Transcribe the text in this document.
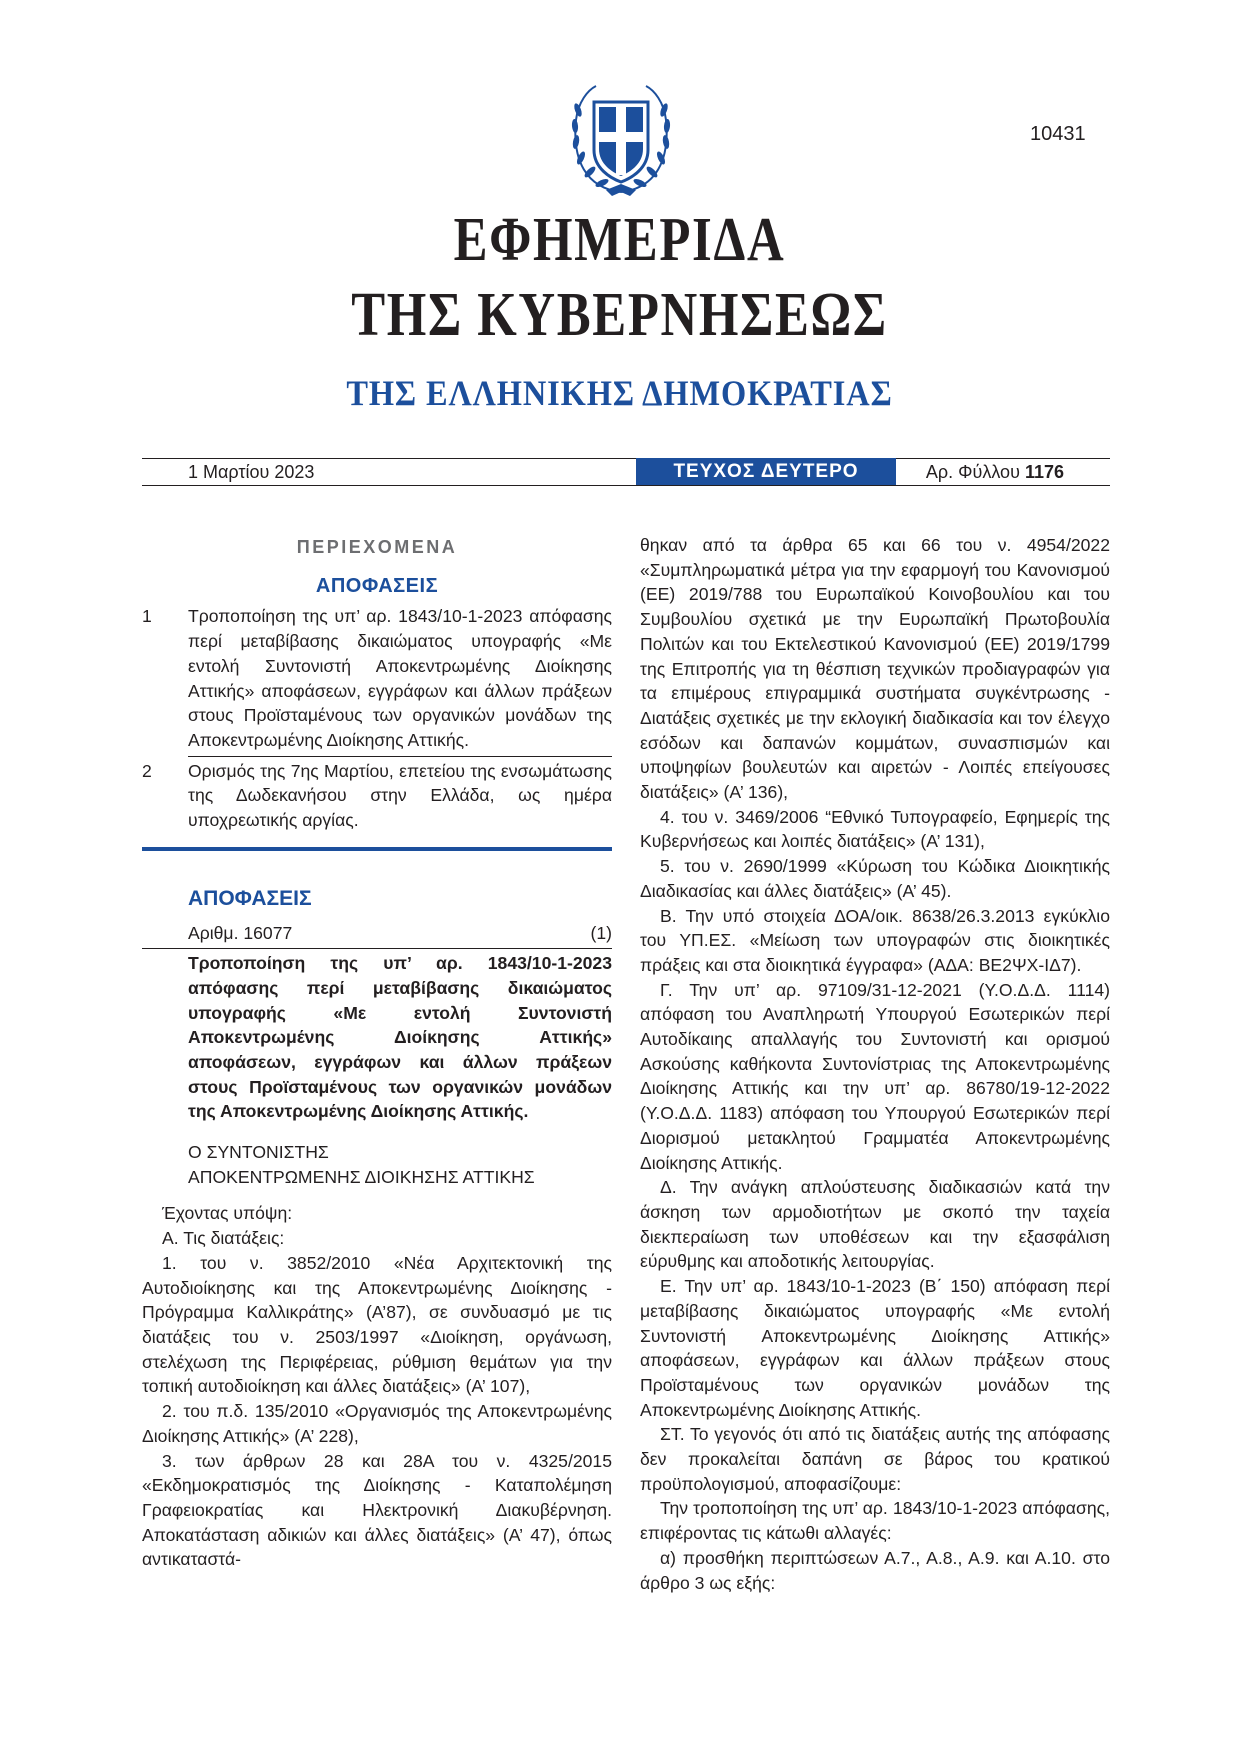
10431
ΕΦΗΜΕΡΙΔΑ
ΤΗΣ ΚΥΒΕΡΝΗΣΕΩΣ
ΤΗΣ ΕΛΛΗΝΙΚΗΣ ΔΗΜΟΚΡΑΤΙΑΣ
1 Μαρτίου 2023	ΤΕΥΧΟΣ ΔΕΥΤΕΡΟ	Αρ. Φύλλου 1176
ΠΕΡΙΕΧΟΜΕΝΑ
ΑΠΟΦΑΣΕΙΣ
1	Τροποποίηση της υπ’ αρ. 1843/10-1-2023 απόφασης περί μεταβίβασης δικαιώματος υπογραφής «Με εντολή Συντονιστή Αποκεντρωμένης Διοίκησης Αττικής» αποφάσεων, εγγράφων και άλλων πράξεων στους Προϊσταμένους των οργανικών μονάδων της Αποκεντρωμένης Διοίκησης Αττικής.
2	Ορισμός της 7ης Μαρτίου, επετείου της ενσωμάτωσης της Δωδεκανήσου στην Ελλάδα, ως ημέρα υποχρεωτικής αργίας.
ΑΠΟΦΑΣΕΙΣ
Αριθμ. 16077	(1)
Τροποποίηση της υπ’ αρ. 1843/10-1-2023 απόφασης περί μεταβίβασης δικαιώματος υπογραφής «Με εντολή Συντονιστή Αποκεντρωμένης Διοίκησης Αττικής» αποφάσεων, εγγράφων και άλλων πράξεων στους Προϊσταμένους των οργανικών μονάδων της Αποκεντρωμένης Διοίκησης Αττικής.
Ο ΣΥΝΤΟΝΙΣΤΗΣ
ΑΠΟΚΕΝΤΡΩΜΕΝΗΣ ΔΙΟΙΚΗΣΗΣ ΑΤΤΙΚΗΣ
Έχοντας υπόψη:
Α. Τις διατάξεις:
1. του ν. 3852/2010 «Νέα Αρχιτεκτονική της Αυτοδιοίκησης και της Αποκεντρωμένης Διοίκησης - Πρόγραμμα Καλλικράτης» (Α’87), σε συνδυασμό με τις διατάξεις του ν. 2503/1997 «Διοίκηση, οργάνωση, στελέχωση της Περιφέρειας, ρύθμιση θεμάτων για την τοπική αυτοδιοίκηση και άλλες διατάξεις» (Α’ 107),
2. του π.δ. 135/2010 «Οργανισμός της Αποκεντρωμένης Διοίκησης Αττικής» (Α’ 228),
3. των άρθρων 28 και 28Α του ν. 4325/2015 «Εκδημοκρατισμός της Διοίκησης - Καταπολέμηση Γραφειοκρατίας και Ηλεκτρονική Διακυβέρνηση. Αποκατάσταση αδικιών και άλλες διατάξεις» (Α’ 47), όπως αντικαταστά-
θηκαν από τα άρθρα 65 και 66 του ν. 4954/2022 «Συμπληρωματικά μέτρα για την εφαρμογή του Κανονισμού (ΕΕ) 2019/788 του Ευρωπαϊκού Κοινοβουλίου και του Συμβουλίου σχετικά με την Ευρωπαϊκή Πρωτοβουλία Πολιτών και του Εκτελεστικού Κανονισμού (ΕΕ) 2019/1799 της Επιτροπής για τη θέσπιση τεχνικών προδιαγραφών για τα επιμέρους επιγραμμικά συστήματα συγκέντρωσης - Διατάξεις σχετικές με την εκλογική διαδικασία και τον έλεγχο εσόδων και δαπανών κομμάτων, συνασπισμών και υποψηφίων βουλευτών και αιρετών - Λοιπές επείγουσες διατάξεις» (Α’ 136),
4. του ν. 3469/2006 “Εθνικό Τυπογραφείο, Εφημερίς της Κυβερνήσεως και λοιπές διατάξεις» (Α’ 131),
5. του ν. 2690/1999 «Κύρωση του Κώδικα Διοικητικής Διαδικασίας και άλλες διατάξεις» (Α’ 45).
Β. Την υπό στοιχεία ΔΟΑ/οικ. 8638/26.3.2013 εγκύκλιο του ΥΠ.ΕΣ. «Μείωση των υπογραφών στις διοικητικές πράξεις και στα διοικητικά έγγραφα» (ΑΔΑ: ΒΕ2ΨΧ-ΙΔ7).
Γ. Την υπ’ αρ. 97109/31-12-2021 (Υ.Ο.Δ.Δ. 1114) απόφαση του Αναπληρωτή Υπουργού Εσωτερικών περί Αυτοδίκαιης απαλλαγής του Συντονιστή και ορισμού Ασκούσης καθήκοντα Συντονίστριας της Αποκεντρωμένης Διοίκησης Αττικής και την υπ’ αρ. 86780/19-12-2022 (Υ.Ο.Δ.Δ. 1183) απόφαση του Υπουργού Εσωτερικών περί Διορισμού μετακλητού Γραμματέα Αποκεντρωμένης Διοίκησης Αττικής.
Δ. Την ανάγκη απλούστευσης διαδικασιών κατά την άσκηση των αρμοδιοτήτων με σκοπό την ταχεία διεκπεραίωση των υποθέσεων και την εξασφάλιση εύρυθμης και αποδοτικής λειτουργίας.
Ε. Την υπ’ αρ. 1843/10-1-2023 (Β΄ 150) απόφαση περί μεταβίβασης δικαιώματος υπογραφής «Με εντολή Συντονιστή Αποκεντρωμένης Διοίκησης Αττικής» αποφάσεων, εγγράφων και άλλων πράξεων στους Προϊσταμένους των οργανικών μονάδων της Αποκεντρωμένης Διοίκησης Αττικής.
ΣΤ. Το γεγονός ότι από τις διατάξεις αυτής της απόφασης δεν προκαλείται δαπάνη σε βάρος του κρατικού προϋπολογισμού, αποφασίζουμε:
Την τροποποίηση της υπ’ αρ. 1843/10-1-2023 απόφασης, επιφέροντας τις κάτωθι αλλαγές:
α) προσθήκη περιπτώσεων Α.7., Α.8., Α.9. και Α.10. στο άρθρο 3 ως εξής:
